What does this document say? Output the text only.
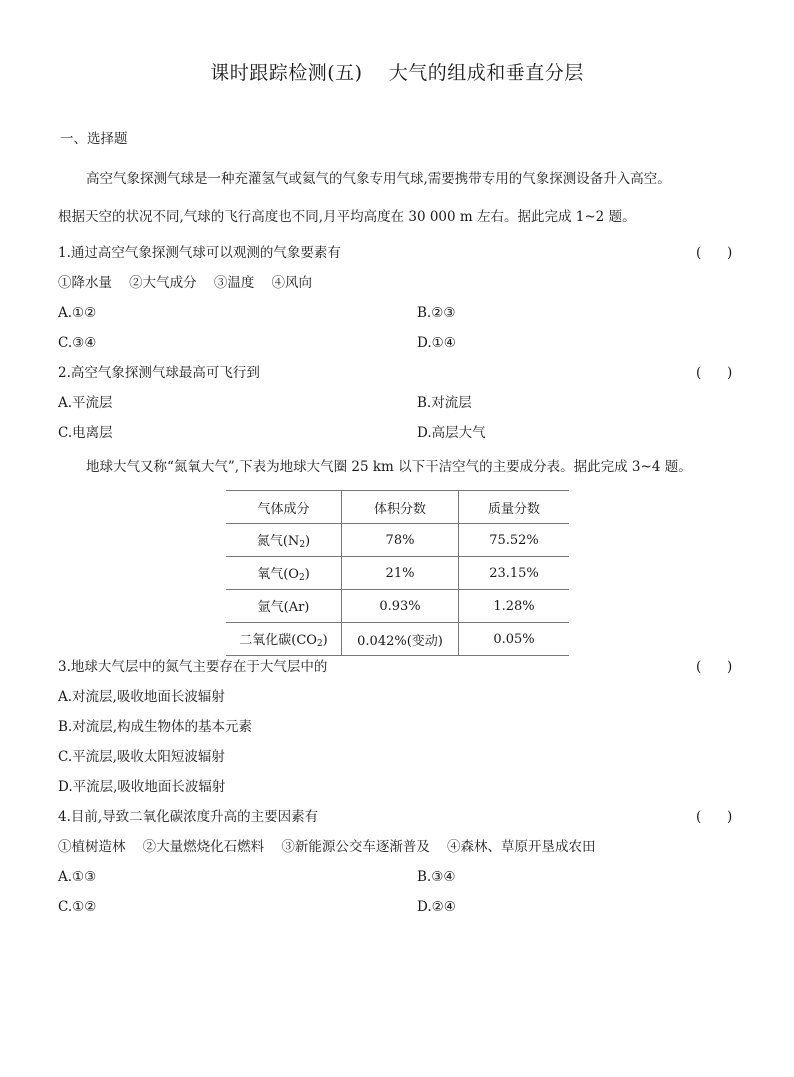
课时跟踪检测(五)    大气的组成和垂直分层
一、选择题
高空气象探测气球是一种充灌氢气或氦气的气象专用气球,需要携带专用的气象探测设备升入高空。
根据天空的状况不同,气球的飞行高度也不同,月平均高度在 30 000 m 左右。据此完成 1~2 题。
1.通过高空气象探测气球可以观测的气象要素有	(      )
①降水量    ②大气成分    ③温度    ④风向
A.①②	B.②③
C.③④	D.①④
2.高空气象探测气球最高可飞行到	(      )
A.平流层	B.对流层
C.电离层	D.高层大气
地球大气又称“氮氧大气”,下表为地球大气圈 25 km 以下干洁空气的主要成分表。据此完成 3~4 题。
气体成分	体积分数	质量分数
氮气$(N_2)$	78%	75.52%
氧气$(O_2)$	21%	23.15%
氩气(Ar)	0.93%	1.28%
二氧化碳$(CO_2)$	0.042%(变动)	0.05%
3.地球大气层中的氮气主要存在于大气层中的	(      )
A.对流层,吸收地面长波辐射
B.对流层,构成生物体的基本元素
C.平流层,吸收太阳短波辐射
D.平流层,吸收地面长波辐射
4.目前,导致二氧化碳浓度升高的主要因素有	(      )
①植树造林    ②大量燃烧化石燃料    ③新能源公交车逐渐普及    ④森林、草原开垦成农田
A.①③	B.③④
C.①②	D.②④
